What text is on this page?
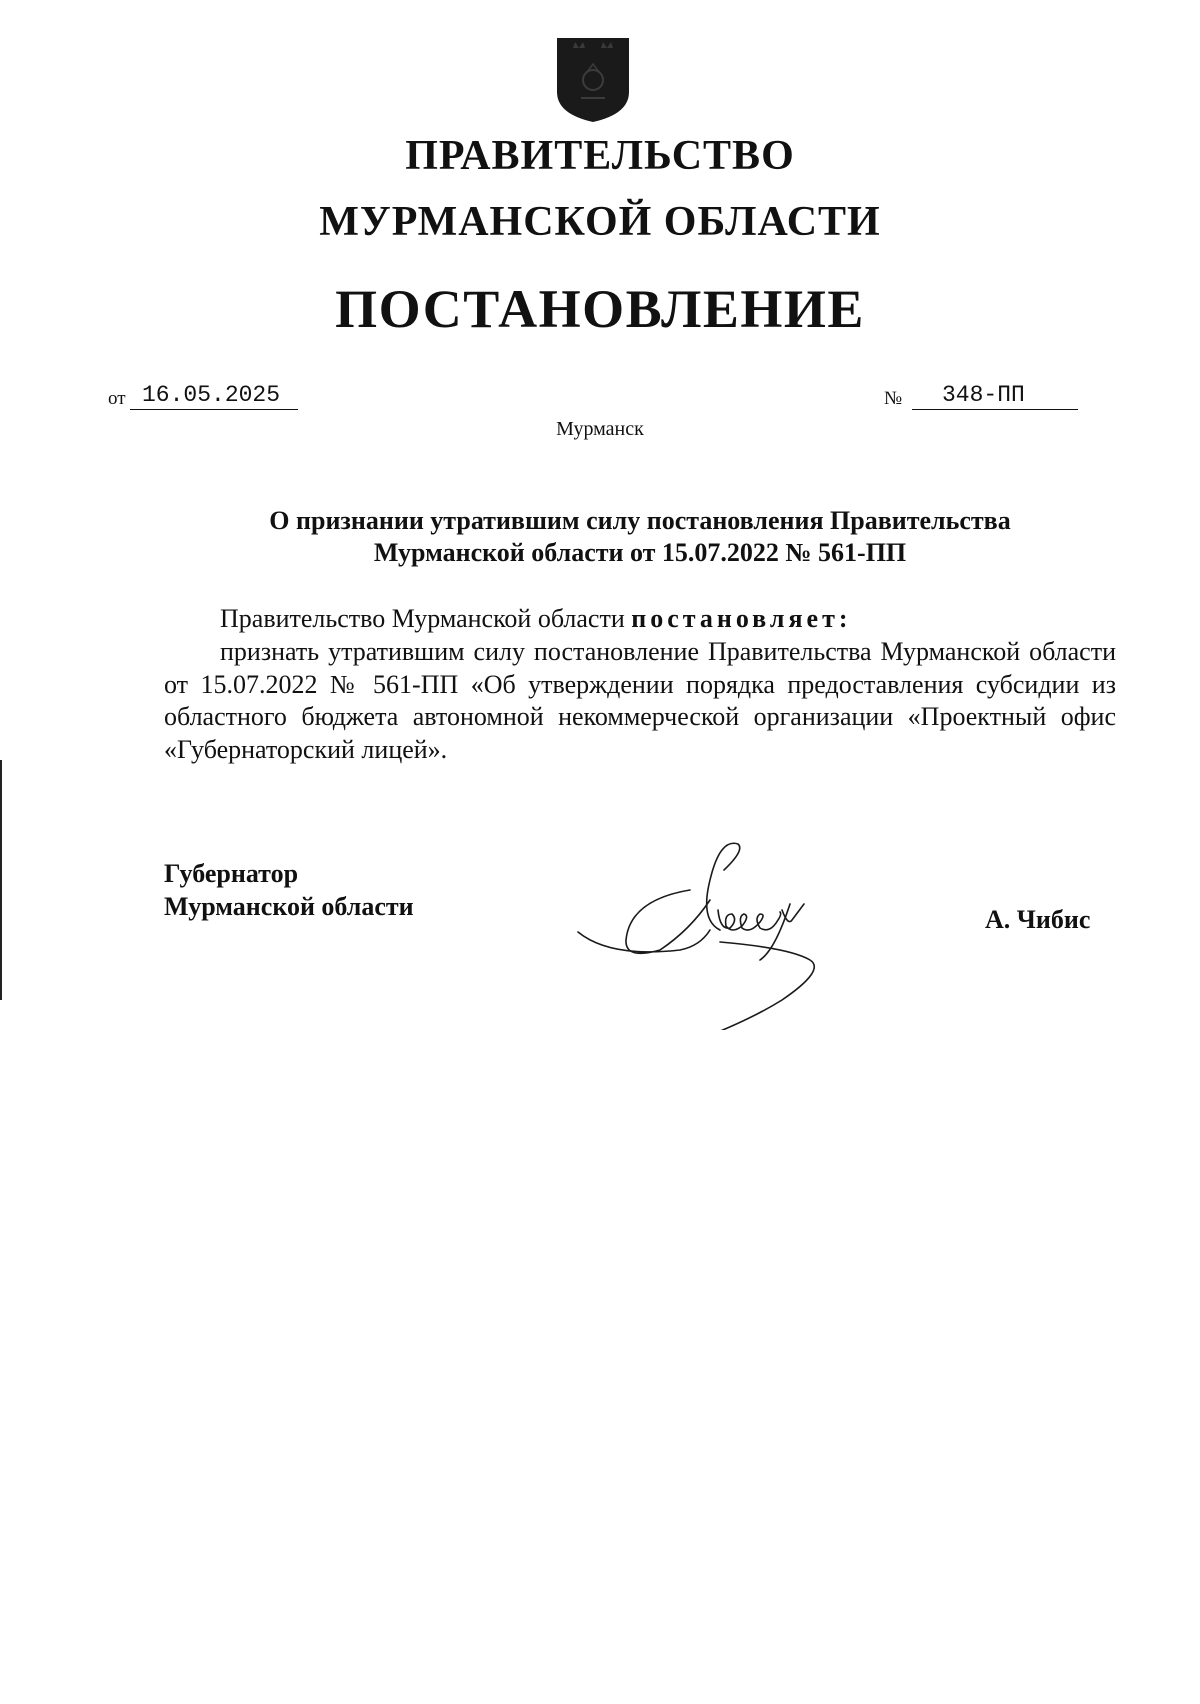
ПРАВИТЕЛЬСТВО
МУРМАНСКОЙ ОБЛАСТИ
ПОСТАНОВЛЕНИЕ
от 16.05.2025	№	348-ПП
Мурманск
О признании утратившим силу постановления Правительства
Мурманской области от 15.07.2022 № 561-ПП
Правительство Мурманской области постановляет:

признать утратившим силу постановление Правительства Мурманской области от 15.07.2022 № 561-ПП «Об утверждении порядка предоставления субсидии из областного бюджета автономной некоммерческой организации «Проектный офис «Губернаторский лицей».

Губернатор
Мурманской области	А. Чибис
